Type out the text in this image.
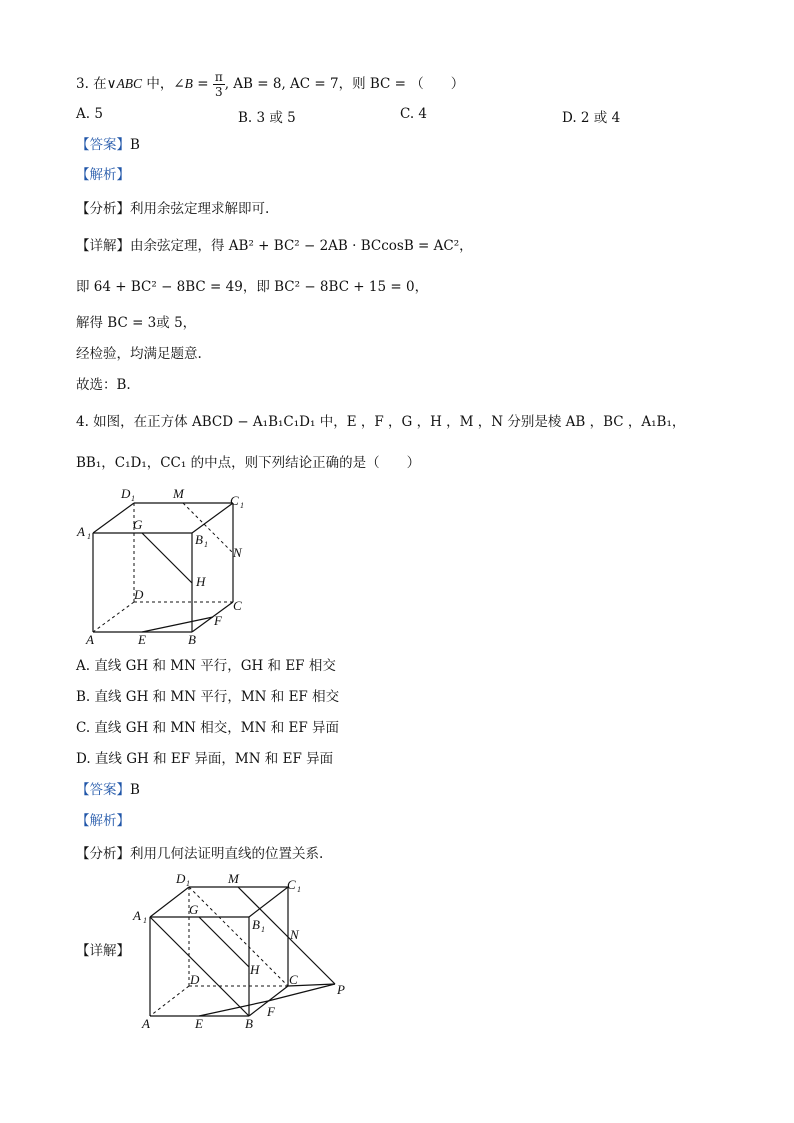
3. 在∨ABC 中，∠B = $\frac{\pi}{3}$ , AB = 8, AC = 7，则 BC = （　　）
A. 5	B. 3 或 5	C. 4	D. 2 或 4
【答案】B
【解析】
【分析】利用余弦定理求解即可.
【详解】由余弦定理，得 AB² + BC² − 2AB · BCcosB = AC²，
即 64 + BC² − 8BC = 49，即 BC² − 8BC + 15 = 0，
解得 BC = 3或 5，
经检验，均满足题意.
故选：B.
4. 如图，在正方体 ABCD − A₁B₁C₁D₁ 中，E ，F ，G ，H ，M ，N 分别是棱 AB ，BC ，A₁B₁，
BB₁，C₁D₁，CC₁ 的中点，则下列结论正确的是（　　）
D 1	M	C 1
A 1
G
B 1
N
H
D
C
F
A	E	B
A. 直线 GH 和 MN 平行，GH 和 EF 相交
B. 直线 GH 和 MN 平行，MN 和 EF 相交
C. 直线 GH 和 MN 相交，MN 和 EF 异面
D. 直线 GH 和 EF 异面，MN 和 EF 异面
【答案】B
【解析】
【分析】利用几何法证明直线的位置关系.
【详解】
D 1	M	C 1
A 1
G
B 1 N
H
D	C
P
F
A	E	B
